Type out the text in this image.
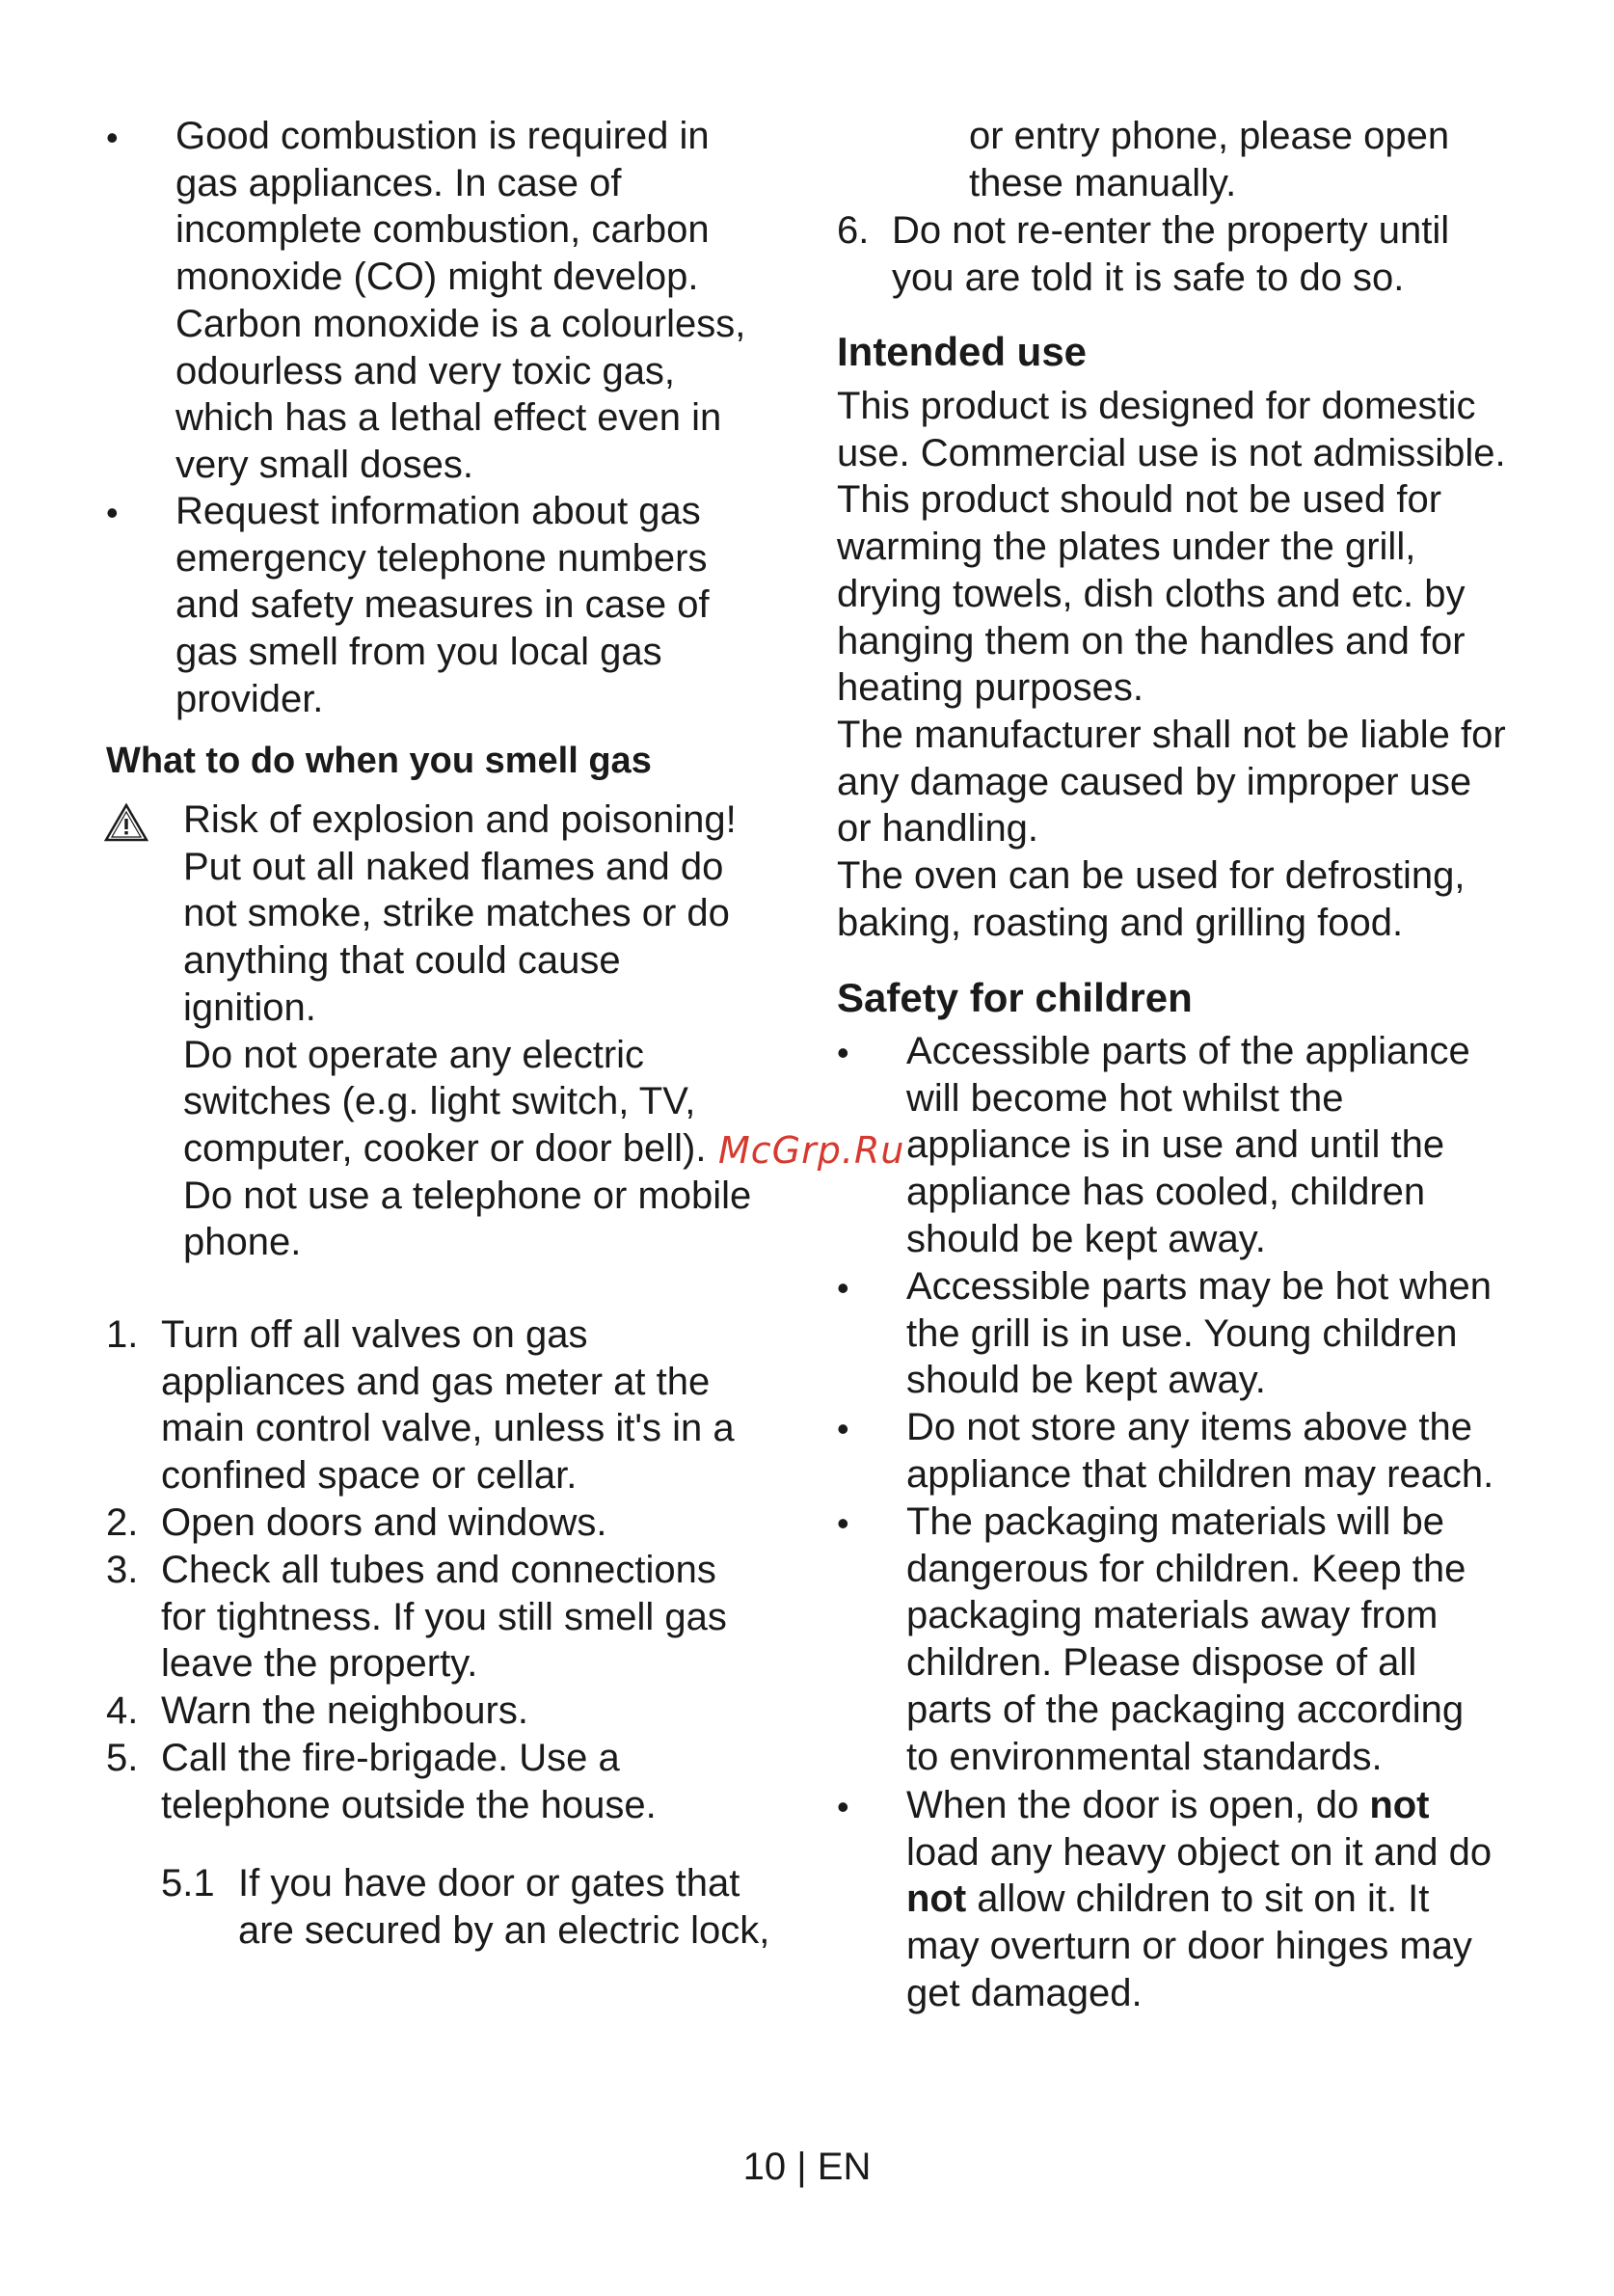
• Good combustion is required in
gas appliances. In case of
incomplete combustion, carbon
monoxide (CO) might develop.
Carbon monoxide is a colourless,
odourless and very toxic gas,
which has a lethal effect even in
very small doses.
• Request information about gas
emergency telephone numbers
and safety measures in case of
gas smell from you local gas
provider.
What to do when you smell gas
Risk of explosion and poisoning!
Put out all naked flames and do
not smoke, strike matches or do
anything that could cause
ignition.
Do not operate any electric
switches (e.g. light switch, TV,
computer, cooker or door bell).
Do not use a telephone or mobile
phone.
1. Turn off all valves on gas
appliances and gas meter at the
main control valve, unless it's in a
confined space or cellar.
2. Open doors and windows.
3. Check all tubes and connections
for tightness. If you still smell gas
leave the property.
4. Warn the neighbours.
5. Call the fire-brigade. Use a
telephone outside the house.
5.1 If you have door or gates that
are secured by an electric lock,
McGrp.Ru
or entry phone, please open
these manually.
6. Do not re-enter the property until
you are told it is safe to do so.
Intended use
This product is designed for domestic
use. Commercial use is not admissible.
This product should not be used for
warming the plates under the grill,
drying towels, dish cloths and etc. by
hanging them on the handles and for
heating purposes.
The manufacturer shall not be liable for
any damage caused by improper use
or handling.
The oven can be used for defrosting,
baking, roasting and grilling food.
Safety for children
• Accessible parts of the appliance
will become hot whilst the
appliance is in use and until the
appliance has cooled, children
should be kept away.
• Accessible parts may be hot when
the grill is in use. Young children
should be kept away.
• Do not store any items above the
appliance that children may reach.
• The packaging materials will be
dangerous for children. Keep the
packaging materials away from
children. Please dispose of all
parts of the packaging according
to environmental standards.
• When the door is open, do not
load any heavy object on it and do
not allow children to sit on it. It
may overturn or door hinges may
get damaged.
10 | EN
